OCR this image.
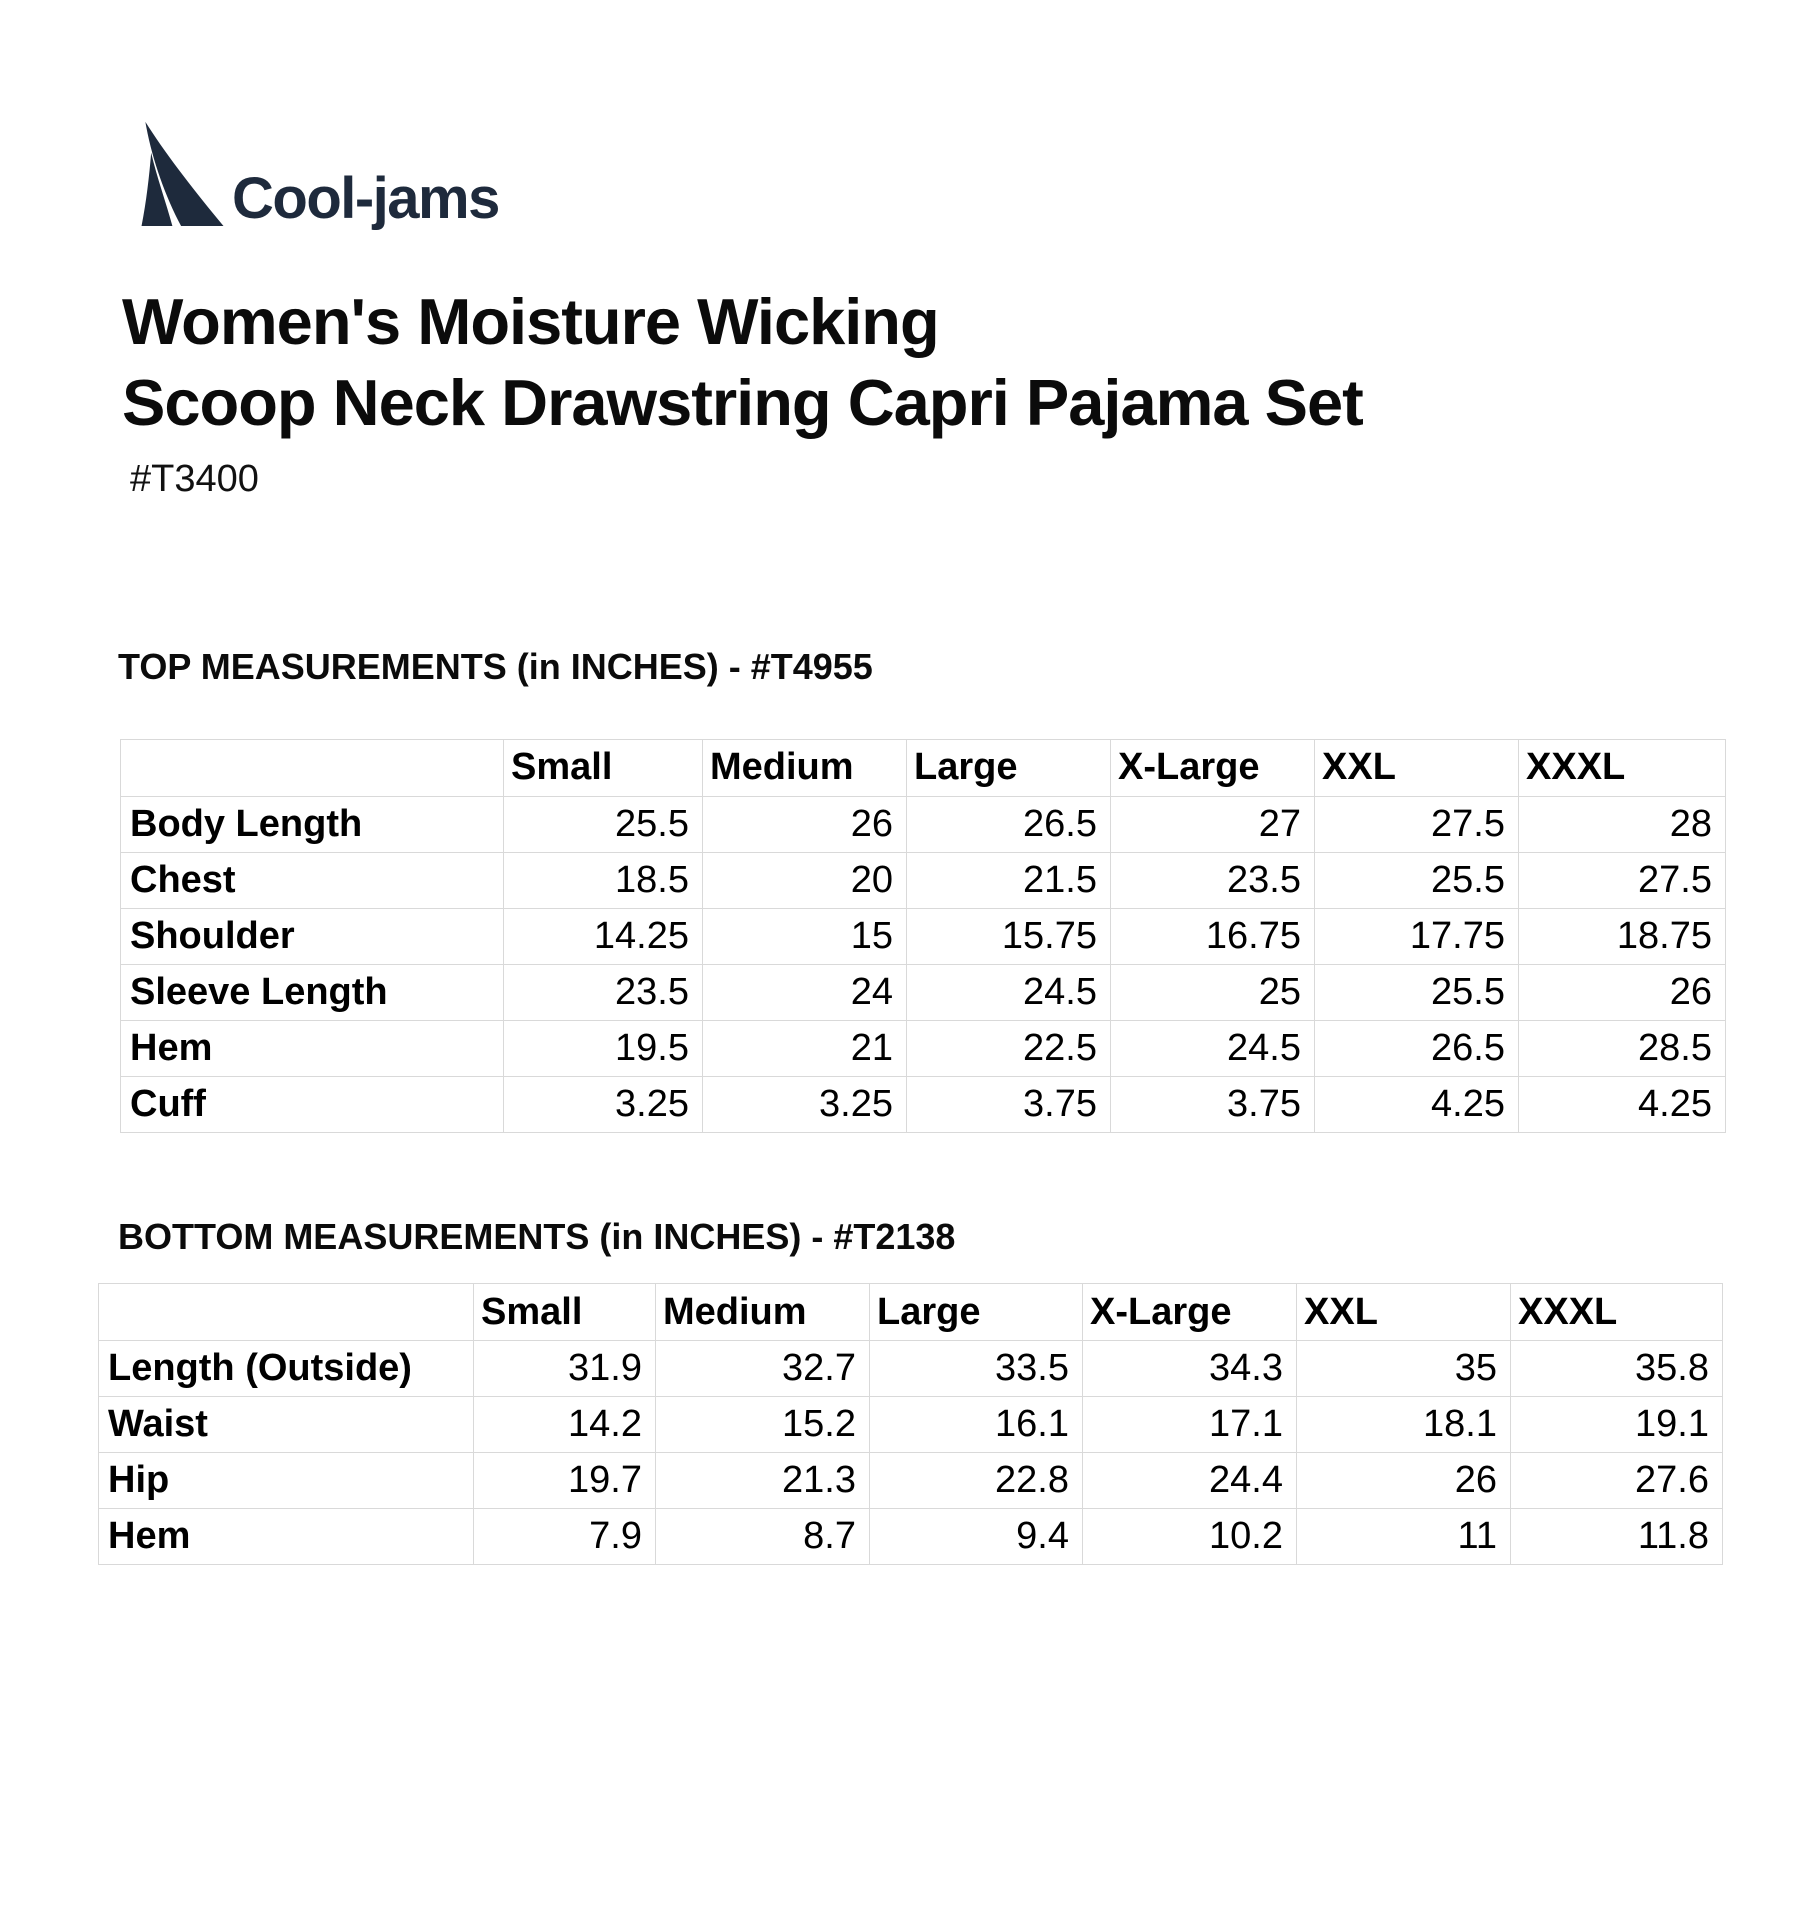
Cool-jams
Women's Moisture Wicking
Scoop Neck Drawstring Capri Pajama Set
#T3400
TOP MEASUREMENTS (in INCHES) - #T4955
	Small	Medium	Large	X-Large	XXL	XXXL
Body Length	25.5	26	26.5	27	27.5	28
Chest	18.5	20	21.5	23.5	25.5	27.5
Shoulder	14.25	15	15.75	16.75	17.75	18.75
Sleeve Length	23.5	24	24.5	25	25.5	26
Hem	19.5	21	22.5	24.5	26.5	28.5
Cuff	3.25	3.25	3.75	3.75	4.25	4.25
BOTTOM MEASUREMENTS (in INCHES) - #T2138
	Small	Medium	Large	X-Large	XXL	XXXL
Length (Outside)	31.9	32.7	33.5	34.3	35	35.8
Waist	14.2	15.2	16.1	17.1	18.1	19.1
Hip	19.7	21.3	22.8	24.4	26	27.6
Hem	7.9	8.7	9.4	10.2	11	11.8
